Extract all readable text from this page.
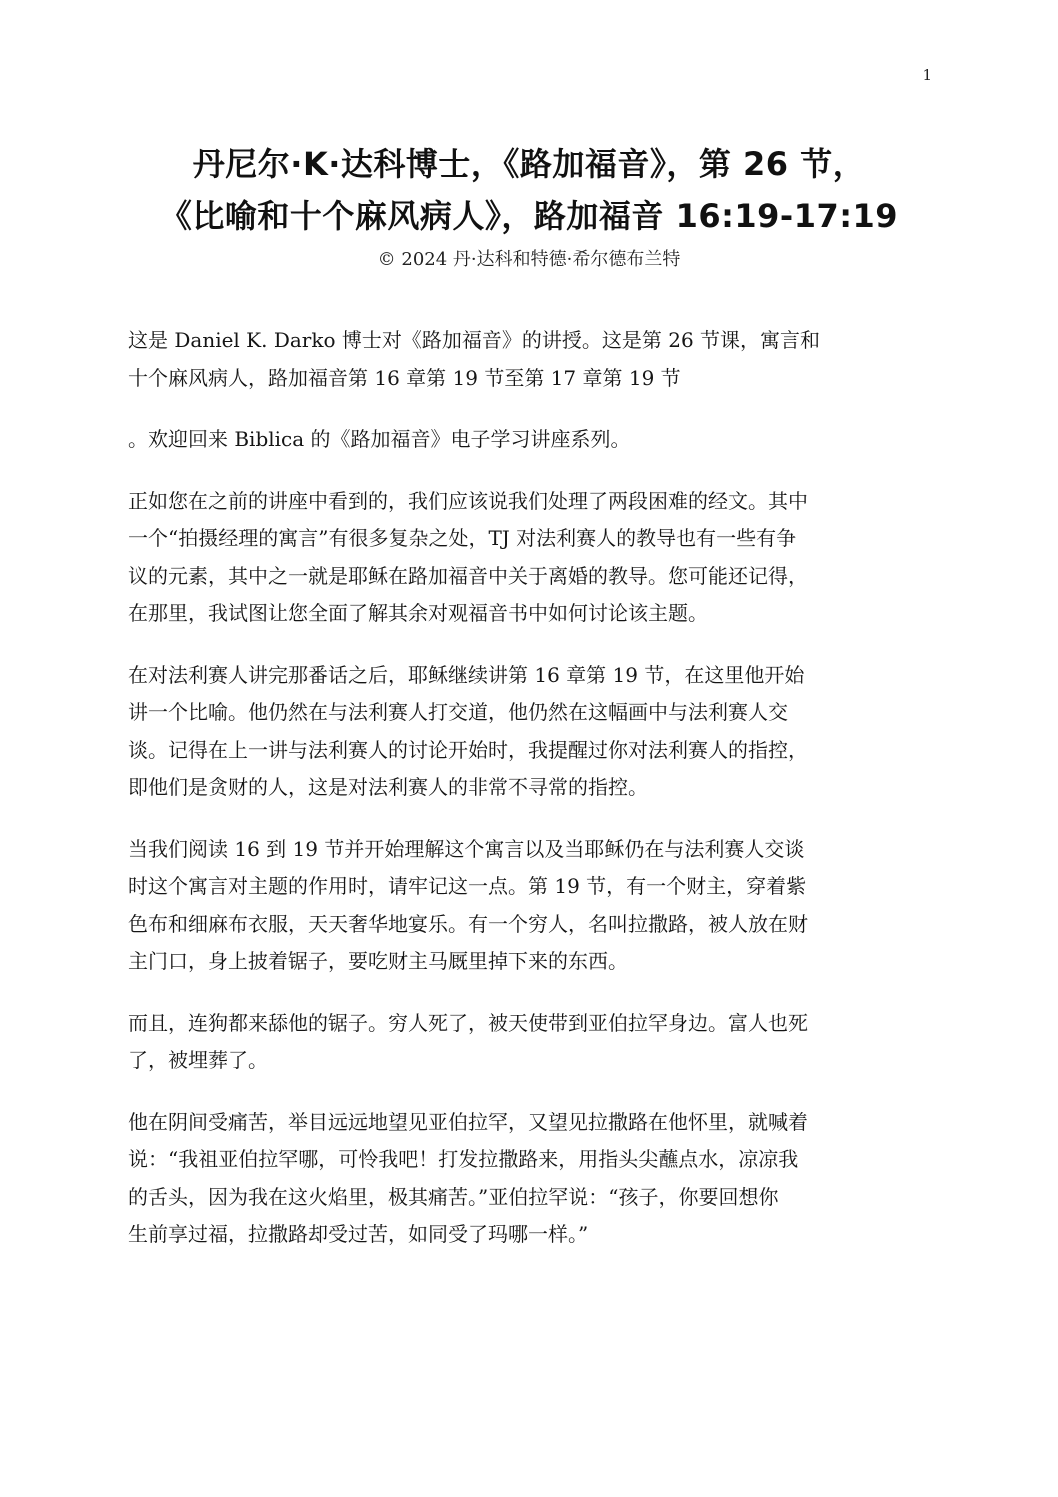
1
丹尼尔·K·达科博士，《路加福音》，第 26 节，
《比喻和十个麻风病人》，路加福音 16:19-17:19
© 2024 丹·达科和特德·希尔德布兰特

这是 Daniel K. Darko 博士对《路加福音》的讲授。这是第 26 节课，寓言和
十个麻风病人，路加福音第 16 章第 19 节至第 17 章第 19 节

。欢迎回来 Biblica 的《路加福音》电子学习讲座系列。

正如您在之前的讲座中看到的，我们应该说我们处理了两段困难的经文。其中
一个“拍摄经理的寓言”有很多复杂之处，TJ 对法利赛人的教导也有一些有争
议的元素，其中之一就是耶稣在路加福音中关于离婚的教导。您可能还记得，
在那里，我试图让您全面了解其余对观福音书中如何讨论该主题。

在对法利赛人讲完那番话之后，耶稣继续讲第 16 章第 19 节，在这里他开始
讲一个比喻。他仍然在与法利赛人打交道，他仍然在这幅画中与法利赛人交
谈。记得在上一讲与法利赛人的讨论开始时，我提醒过你对法利赛人的指控，
即他们是贪财的人，这是对法利赛人的非常不寻常的指控。

当我们阅读 16 到 19 节并开始理解这个寓言以及当耶稣仍在与法利赛人交谈
时这个寓言对主题的作用时，请牢记这一点。第 19 节，有一个财主，穿着紫
色布和细麻布衣服，天天奢华地宴乐。有一个穷人，名叫拉撒路，被人放在财
主门口，身上披着锯子，要吃财主马厩里掉下来的东西。

而且，连狗都来舔他的锯子。穷人死了，被天使带到亚伯拉罕身边。富人也死
了，被埋葬了。

他在阴间受痛苦，举目远远地望见亚伯拉罕，又望见拉撒路在他怀里，就喊着
说：“我祖亚伯拉罕哪，可怜我吧！打发拉撒路来，用指头尖蘸点水，凉凉我
的舌头，因为我在这火焰里，极其痛苦。”亚伯拉罕说：“孩子，你要回想你
生前享过福，拉撒路却受过苦，如同受了玛哪一样。”
